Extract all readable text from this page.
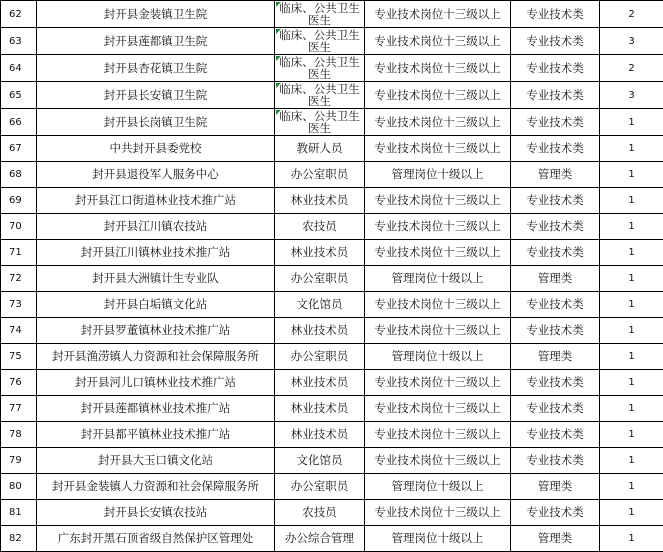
62	封开县金装镇卫生院	临床、公共卫生医生	专业技术岗位十三级以上	专业技术类	2
63	封开县莲都镇卫生院	临床、公共卫生医生	专业技术岗位十三级以上	专业技术类	3
64	封开县杏花镇卫生院	临床、公共卫生医生	专业技术岗位十三级以上	专业技术类	2
65	封开县长安镇卫生院	临床、公共卫生医生	专业技术岗位十三级以上	专业技术类	3
66	封开县长岗镇卫生院	临床、公共卫生医生	专业技术岗位十三级以上	专业技术类	1
67	中共封开县委党校	教研人员	专业技术岗位十三级以上	专业技术类	1
68	封开县退役军人服务中心	办公室职员	管理岗位十级以上	管理类	1
69	封开县江口街道林业技术推广站	林业技术员	专业技术岗位十三级以上	专业技术类	1
70	封开县江川镇农技站	农技员	专业技术岗位十三级以上	专业技术类	1
71	封开县江川镇林业技术推广站	林业技术员	专业技术岗位十三级以上	专业技术类	1
72	封开县大洲镇计生专业队	办公室职员	管理岗位十级以上	管理类	1
73	封开县白垢镇文化站	文化馆员	专业技术岗位十三级以上	专业技术类	1
74	封开县罗董镇林业技术推广站	林业技术员	专业技术岗位十三级以上	专业技术类	1
75	封开县渔涝镇人力资源和社会保障服务所	办公室职员	管理岗位十级以上	管理类	1
76	封开县河儿口镇林业技术推广站	林业技术员	专业技术岗位十三级以上	专业技术类	1
77	封开县莲都镇林业技术推广站	林业技术员	专业技术岗位十三级以上	专业技术类	1
78	封开县都平镇林业技术推广站	林业技术员	专业技术岗位十三级以上	专业技术类	1
79	封开县大玉口镇文化站	文化馆员	专业技术岗位十三级以上	专业技术类	1
80	封开县金装镇人力资源和社会保障服务所	办公室职员	管理岗位十级以上	管理类	1
81	封开县长安镇农技站	农技员	专业技术岗位十三级以上	专业技术类	1
82	广东封开黑石顶省级自然保护区管理处	办公综合管理	管理岗位十级以上	管理类	1
